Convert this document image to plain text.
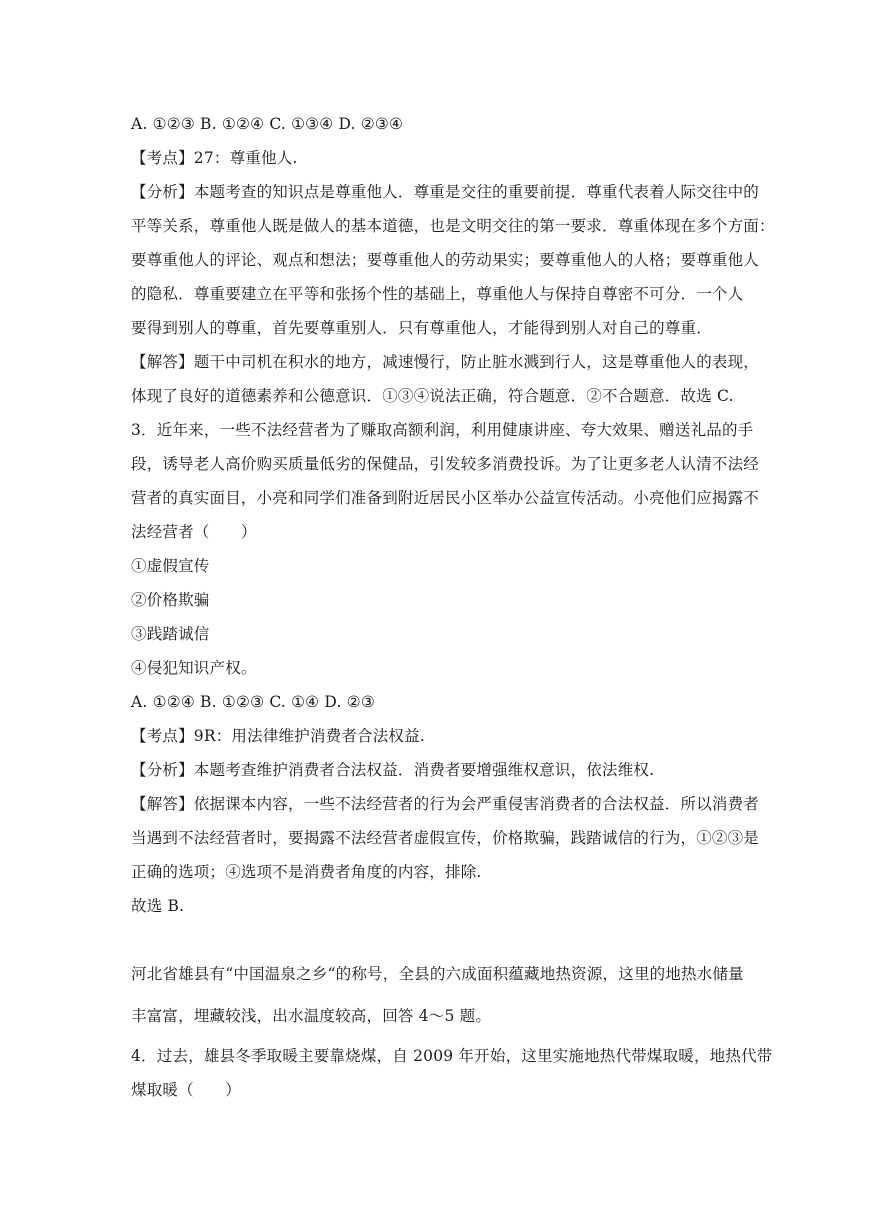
A. ①②③ B. ①②④ C. ①③④ D. ②③④
【考点】27：尊重他人.
【分析】本题考查的知识点是尊重他人．尊重是交往的重要前提．尊重代表着人际交往中的
平等关系，尊重他人既是做人的基本道德，也是文明交往的第一要求．尊重体现在多个方面：
要尊重他人的评论、观点和想法；要尊重他人的劳动果实；要尊重他人的人格；要尊重他人
的隐私．尊重要建立在平等和张扬个性的基础上，尊重他人与保持自尊密不可分．一个人
要得到别人的尊重，首先要尊重别人．只有尊重他人，才能得到别人对自己的尊重．
【解答】题干中司机在积水的地方，减速慢行，防止脏水溅到行人，这是尊重他人的表现，
体现了良好的道德素养和公德意识．①③④说法正确，符合题意．②不合题意．故选 C.
3．近年来，一些不法经营者为了赚取高额利润，利用健康讲座、夸大效果、赠送礼品的手
段，诱导老人高价购买质量低劣的保健品，引发较多消费投诉。为了让更多老人认清不法经
营者的真实面目，小亮和同学们准备到附近居民小区举办公益宣传活动。小亮他们应揭露不
法经营者（　　）
①虚假宣传
②价格欺骗
③践踏诚信
④侵犯知识产权。
A. ①②④ B. ①②③ C. ①④ D. ②③
【考点】9R：用法律维护消费者合法权益.
【分析】本题考查维护消费者合法权益．消费者要增强维权意识，依法维权.
【解答】依据课本内容，一些不法经营者的行为会严重侵害消费者的合法权益．所以消费者
当遇到不法经营者时，要揭露不法经营者虚假宣传，价格欺骗，践踏诚信的行为，①②③是
正确的选项；④选项不是消费者角度的内容，排除.
故选 B.
河北省雄县有“中国温泉之乡“的称号，全县的六成面积蕴藏地热资源，这里的地热水储量
丰富富，埋藏较浅，出水温度较高，回答 4～5 题。
4．过去，雄县冬季取暖主要靠烧煤，自 2009 年开始，这里实施地热代带煤取暖，地热代带
煤取暖（　　）
